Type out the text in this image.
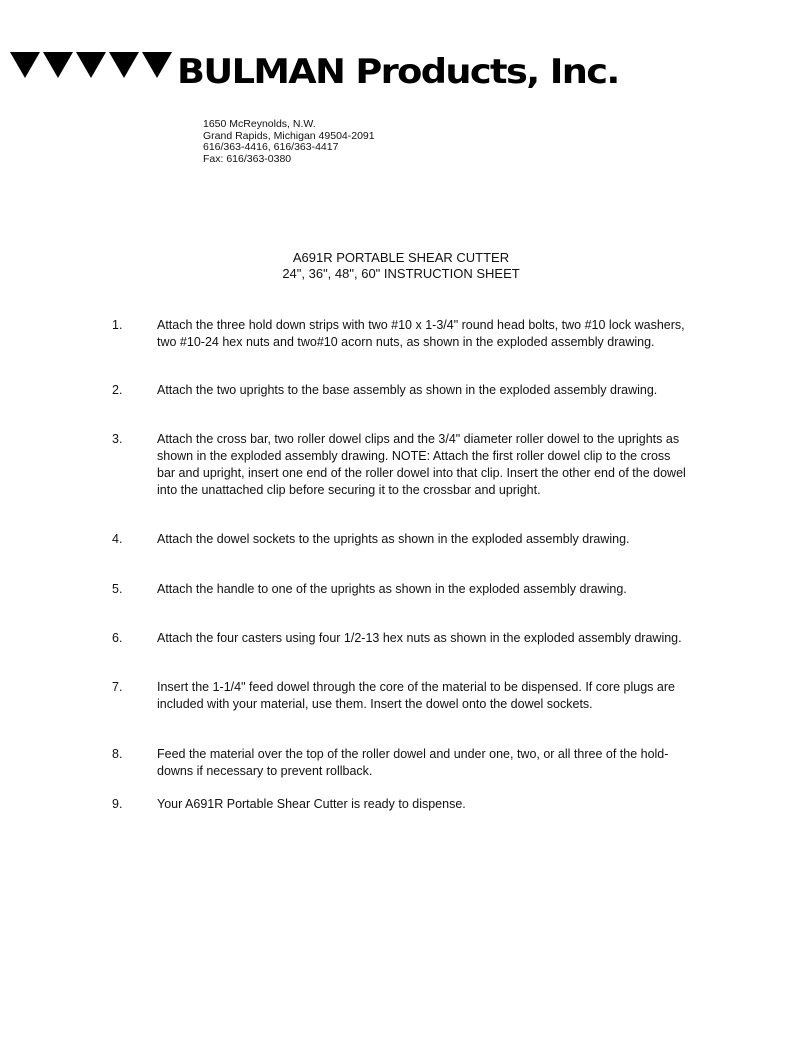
BULMAN Products, Inc.
1650 McReynolds, N.W.
Grand Rapids, Michigan 49504-2091
616/363-4416, 616/363-4417
Fax: 616/363-0380
A691R PORTABLE SHEAR CUTTER
24", 36", 48", 60" INSTRUCTION SHEET
1.	Attach the three hold down strips with two #10 x 1-3/4" round head bolts, two #10 lock washers, two #10-24 hex nuts and two#10 acorn nuts, as shown in the exploded assembly drawing.
2.	Attach the two uprights to the base assembly as shown in the exploded assembly drawing.
3.	Attach the cross bar, two roller dowel clips and the 3/4" diameter roller dowel to the uprights as shown in the exploded assembly drawing. NOTE: Attach the first roller dowel clip to the cross bar and upright, insert one end of the roller dowel into that clip. Insert the other end of the dowel into the unattached clip before securing it to the crossbar and upright.
4.	Attach the dowel sockets to the uprights as shown in the exploded assembly drawing.
5.	Attach the handle to one of the uprights as shown in the exploded assembly drawing.
6.	Attach the four casters using four 1/2-13 hex nuts as shown in the exploded assembly drawing.
7.	Insert the 1-1/4" feed dowel through the core of the material to be dispensed. If core plugs are included with your material, use them. Insert the dowel onto the dowel sockets.
8.	Feed the material over the top of the roller dowel and under one, two, or all three of the hold-downs if necessary to prevent rollback.
9.	Your A691R Portable Shear Cutter is ready to dispense.
